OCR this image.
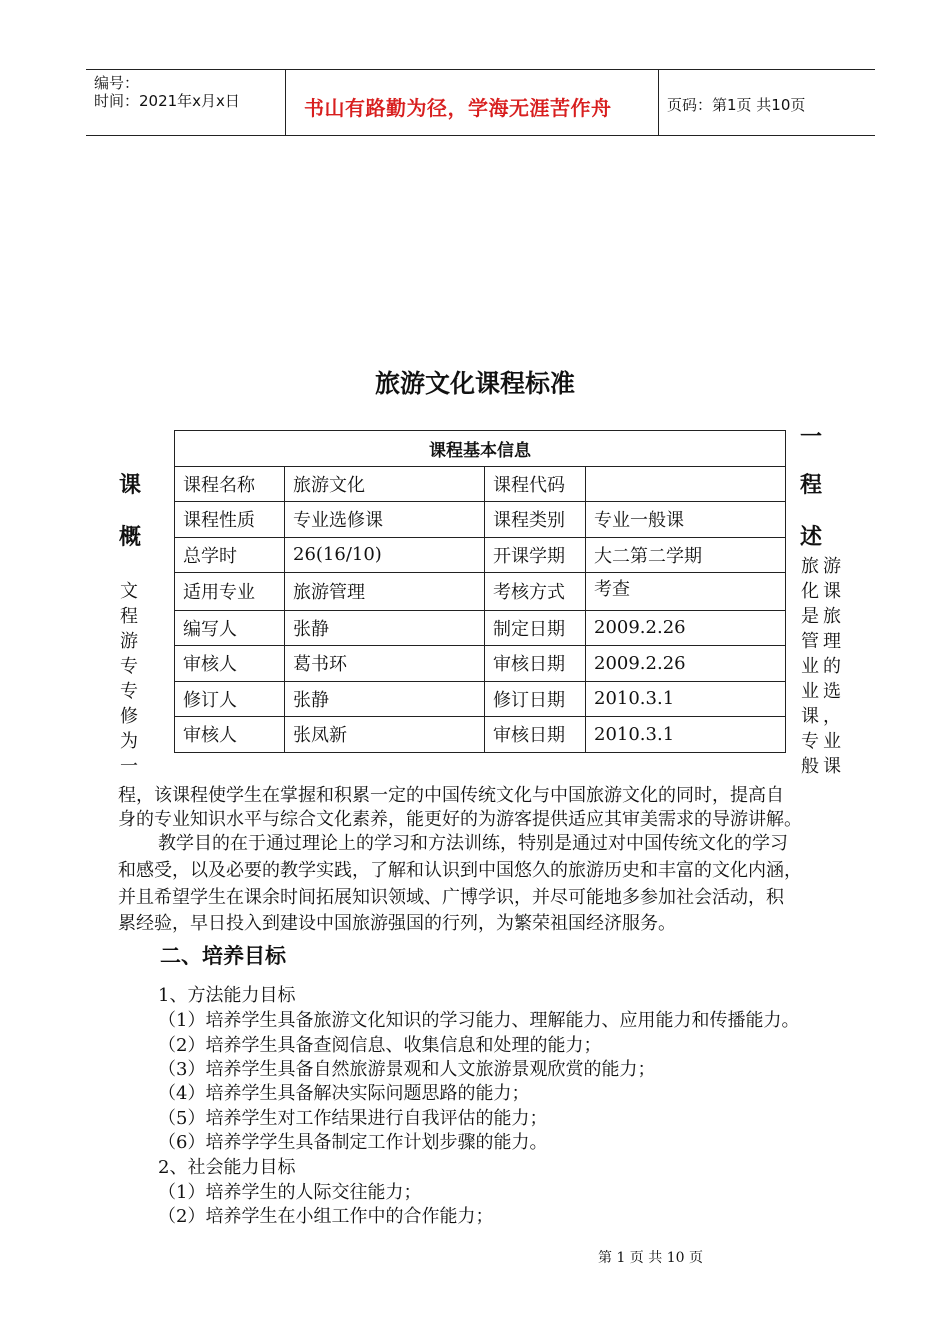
编号：
时间：2021年x月x日	书山有路勤为径，学海无涯苦作舟	页码：第1页 共10页
旅游文化课程标准
一
课	程
概	述
课程基本信息			
课程名称	旅游文化	课程代码	
课程性质	专业选修课	课程类别	专业一般课
总学时	26(16/10)	开课学期	大二第二学期
适用专业	旅游管理	考核方式	考查
编写人	张静	制定日期	2009.2.26
审核人	葛书环	审核日期	2009.2.26
修订人	张静	修订日期	2010.3.1
审核人	张凤新	审核日期	2010.3.1
文
程
游
专
专
修
为
一
旅游
化课
是旅
管理
业的
业选
课，
专业
般课
程，该课程使学生在掌握和积累一定的中国传统文化与中国旅游文化的同时，提高自
身的专业知识水平与综合文化素养，能更好的为游客提供适应其审美需求的导游讲解。
教学目的在于通过理论上的学习和方法训练，特别是通过对中国传统文化的学习
和感受，以及必要的教学实践，了解和认识到中国悠久的旅游历史和丰富的文化内涵，
并且希望学生在课余时间拓展知识领域、广博学识，并尽可能地多参加社会活动，积
累经验，早日投入到建设中国旅游强国的行列，为繁荣祖国经济服务。
二、培养目标
1、方法能力目标
（1）培养学生具备旅游文化知识的学习能力、理解能力、应用能力和传播能力。
（2）培养学生具备查阅信息、收集信息和处理的能力；
（3）培养学生具备自然旅游景观和人文旅游景观欣赏的能力；
（4）培养学生具备解决实际问题思路的能力；
（5）培养学生对工作结果进行自我评估的能力；
（6）培养学学生具备制定工作计划步骤的能力。
2、社会能力目标
（1）培养学生的人际交往能力；
（2）培养学生在小组工作中的合作能力；
第 1 页 共 10 页
